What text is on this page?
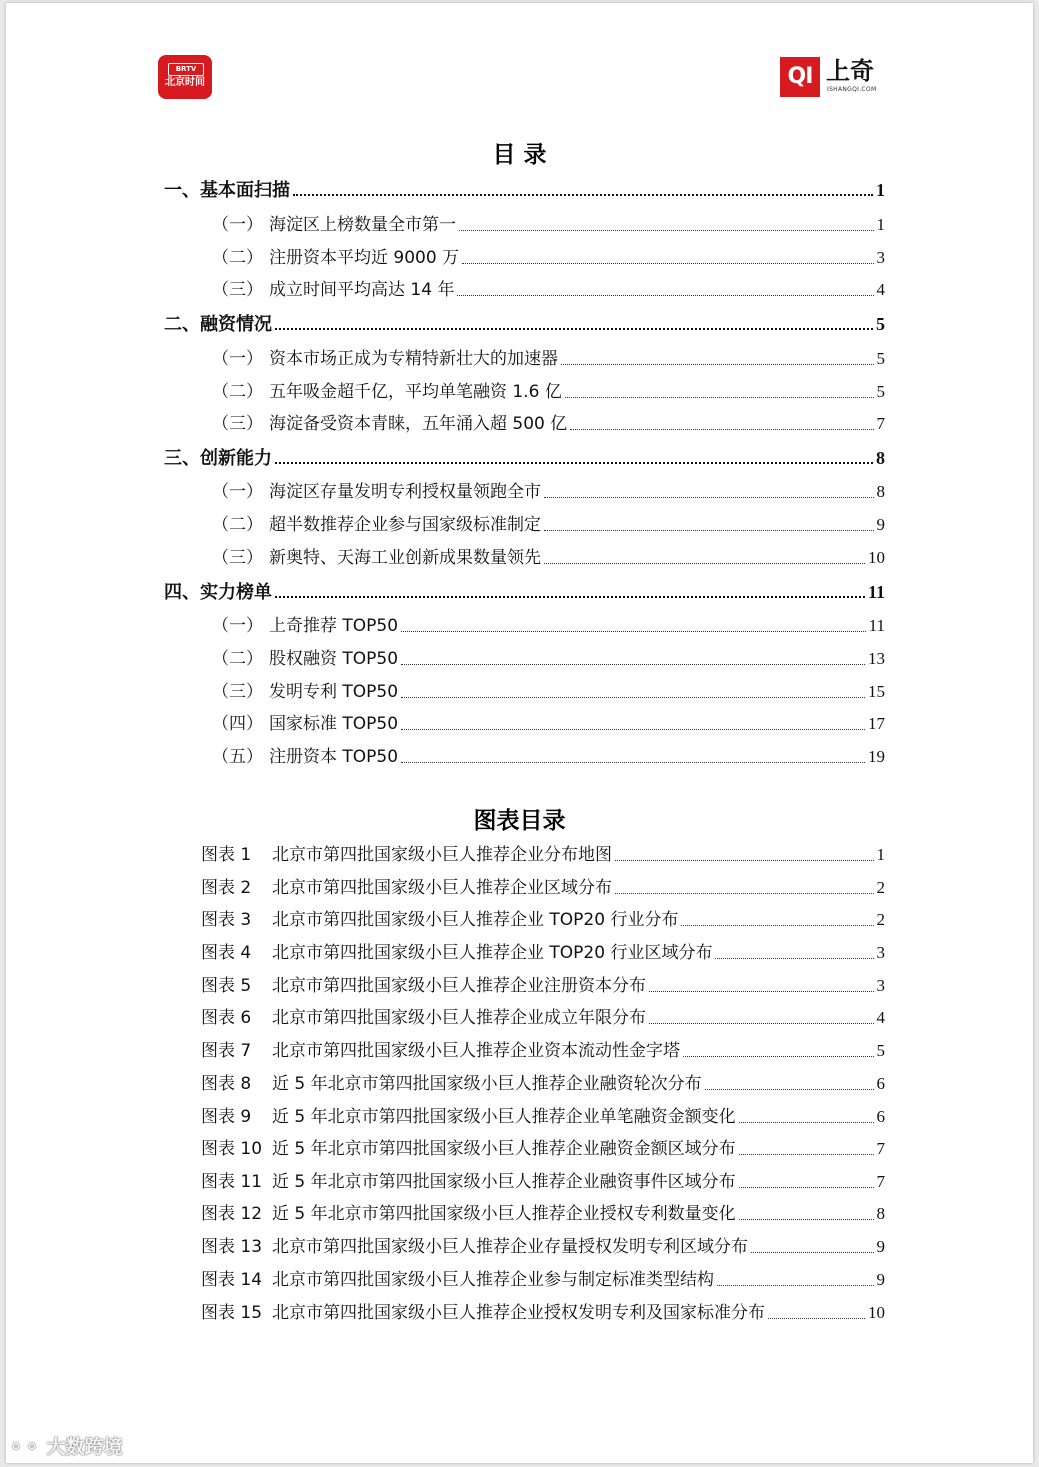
BRTV
北京时间	QI 上奇
ISHANGQI.COM
目 录
一、基本面扫描	1
（一） 海淀区上榜数量全市第一	1
（二） 注册资本平均近 9000 万	3
（三） 成立时间平均高达 14 年	4
二、融资情况	5
（一） 资本市场正成为专精特新壮大的加速器	5
（二） 五年吸金超千亿，平均单笔融资 1.6 亿	5
（三） 海淀备受资本青睐，五年涌入超 500 亿	7
三、创新能力	8
（一） 海淀区存量发明专利授权量领跑全市	8
（二） 超半数推荐企业参与国家级标准制定	9
（三） 新奥特、天海工业创新成果数量领先	10
四、实力榜单	11
（一） 上奇推荐 TOP50	11
（二） 股权融资 TOP50	13
（三） 发明专利 TOP50	15
（四） 国家标准 TOP50	17
（五） 注册资本 TOP50	19
图表目录
图表 1	北京市第四批国家级小巨人推荐企业分布地图	1
图表 2	北京市第四批国家级小巨人推荐企业区域分布	2
图表 3	北京市第四批国家级小巨人推荐企业 TOP20 行业分布	2
图表 4	北京市第四批国家级小巨人推荐企业 TOP20 行业区域分布	3
图表 5	北京市第四批国家级小巨人推荐企业注册资本分布	3
图表 6	北京市第四批国家级小巨人推荐企业成立年限分布	4
图表 7	北京市第四批国家级小巨人推荐企业资本流动性金字塔	5
图表 8	近 5 年北京市第四批国家级小巨人推荐企业融资轮次分布	6
图表 9	近 5 年北京市第四批国家级小巨人推荐企业单笔融资金额变化	6
图表 10 近 5 年北京市第四批国家级小巨人推荐企业融资金额区域分布	7
图表 11 近 5 年北京市第四批国家级小巨人推荐企业融资事件区域分布	7
图表 12 近 5 年北京市第四批国家级小巨人推荐企业授权专利数量变化	8
图表 13 北京市第四批国家级小巨人推荐企业存量授权发明专利区域分布	9
图表 14 北京市第四批国家级小巨人推荐企业参与制定标准类型结构	9
图表 15 北京市第四批国家级小巨人推荐企业授权发明专利及国家标准分布	10
⚬⚬ 大数跨境
